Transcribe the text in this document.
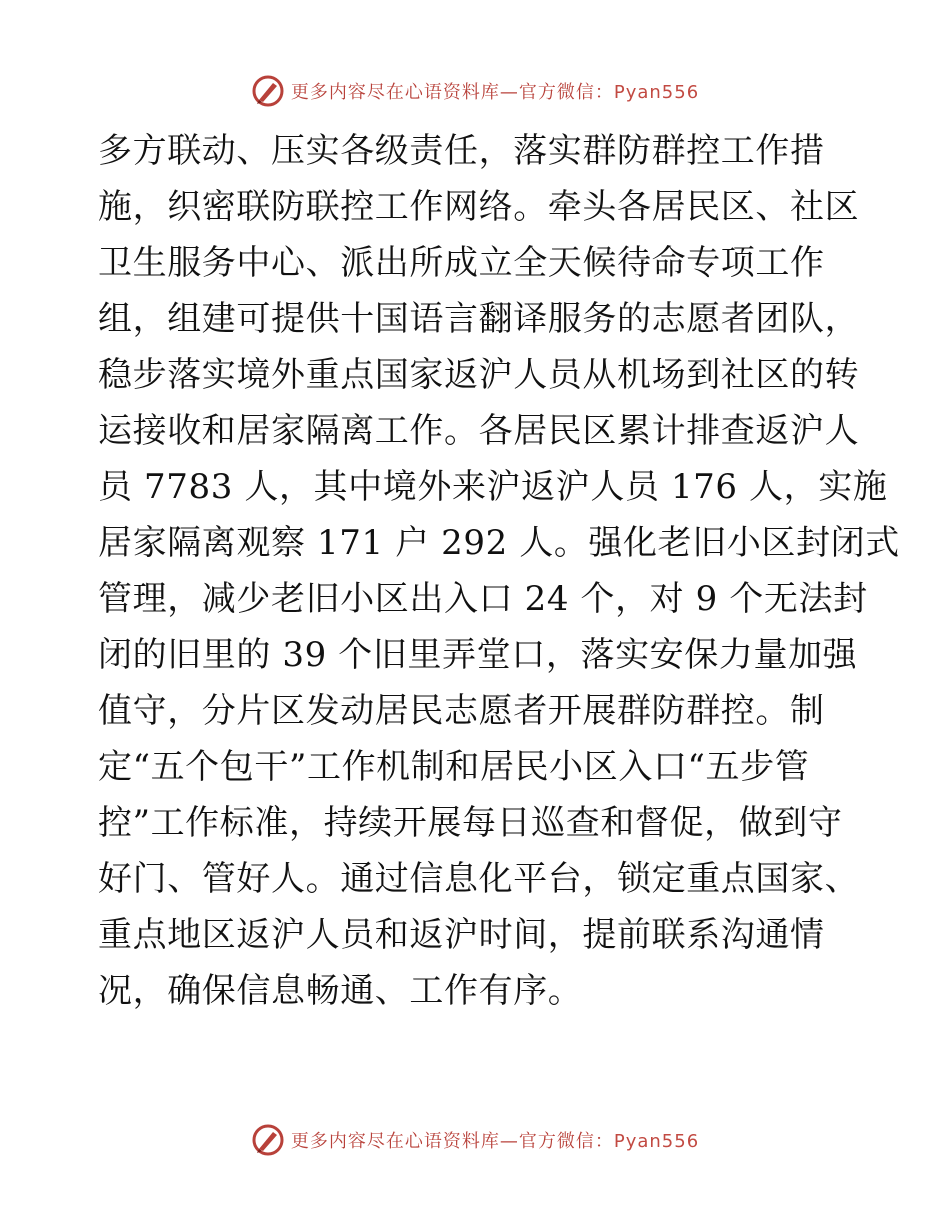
更多内容尽在心语资料库—官方微信：Pyan556
多方联动、压实各级责任，落实群防群控工作措
施，织密联防联控工作网络。牵头各居民区、社区
卫生服务中心、派出所成立全天候待命专项工作
组，组建可提供十国语言翻译服务的志愿者团队，
稳步落实境外重点国家返沪人员从机场到社区的转
运接收和居家隔离工作。各居民区累计排查返沪人
员 7783 人，其中境外来沪返沪人员 176 人，实施
居家隔离观察 171 户 292 人。强化老旧小区封闭式
管理，减少老旧小区出入口 24 个，对 9 个无法封
闭的旧里的 39 个旧里弄堂口，落实安保力量加强
值守，分片区发动居民志愿者开展群防群控。制
定“五个包干”工作机制和居民小区入口“五步管
控”工作标准，持续开展每日巡查和督促，做到守
好门、管好人。通过信息化平台，锁定重点国家、
重点地区返沪人员和返沪时间，提前联系沟通情
况，确保信息畅通、工作有序。
更多内容尽在心语资料库—官方微信：Pyan556
